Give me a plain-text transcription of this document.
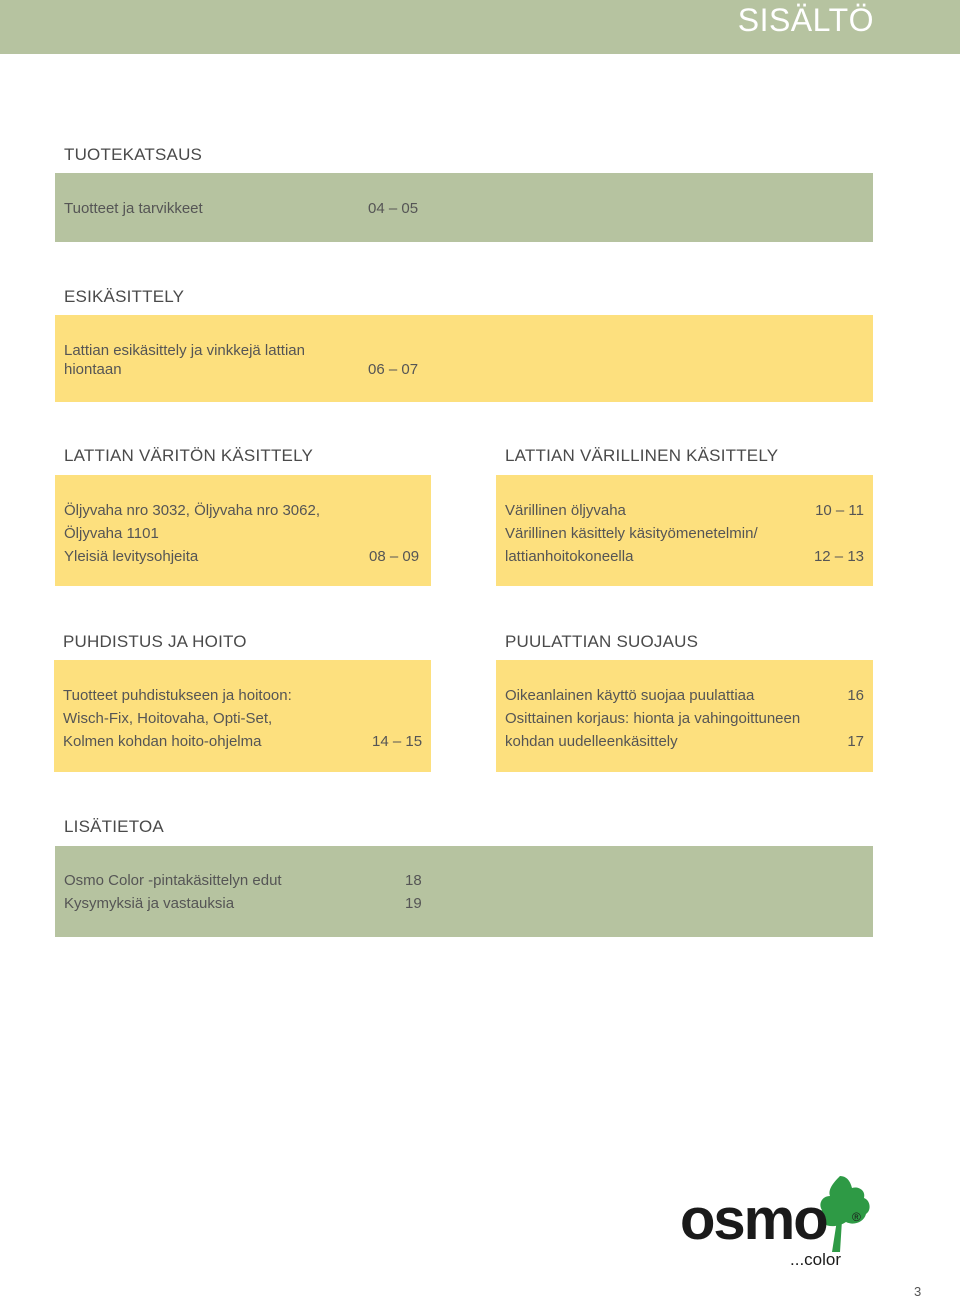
SISÄLTÖ
TUOTEKATSAUS
Tuotteet ja tarvikkeet	04 – 05
ESIKÄSITTELY
Lattian esikäsittely ja vinkkejä lattian
hiontaan	06 – 07
LATTIAN VÄRITÖN KÄSITTELY
Öljyvaha nro 3032, Öljyvaha nro 3062,
Öljyvaha 1101
Yleisiä levitysohjeita	08 – 09
LATTIAN VÄRILLINEN KÄSITTELY
Värillinen öljyvaha	10 – 11
Värillinen käsittely käsityömenetelmin/
lattianhoitokoneella	12 – 13
PUHDISTUS JA HOITO
Tuotteet puhdistukseen ja hoitoon:
Wisch-Fix, Hoitovaha, Opti-Set,
Kolmen kohdan hoito-ohjelma	14 – 15
PUULATTIAN SUOJAUS
Oikeanlainen käyttö suojaa puulattiaa	16
Osittainen korjaus: hionta ja vahingoittuneen
kohdan uudelleenkäsittely	17
LISÄTIETOA
Osmo Color -pintakäsittelyn edut	18
Kysymyksiä ja vastauksia	19
osmo ®
...color
3
